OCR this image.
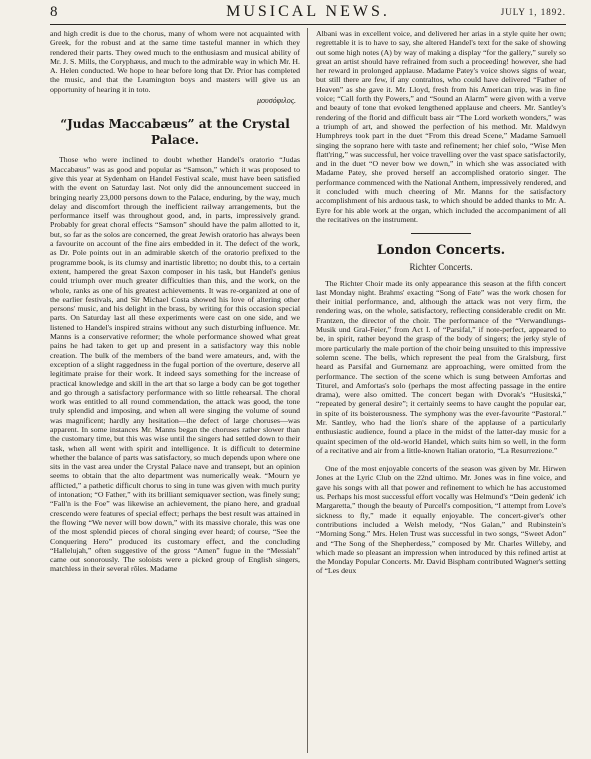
8	MUSICAL NEWS.	JULY 1, 1892.

and high credit is due to the chorus, many of whom were not acquainted with Greek, for the robust and at the same time tasteful manner in which they rendered their parts. They owed much to the enthusiasm and musical ability of Mr. J. S. Mills, the Coryphæus, and much to the admirable way in which Mr. H. A. Helen conducted. We hope to hear before long that Dr. Prior has completed the music, and that the Leamington boys and masters will give us an opportunity of hearing it in toto.

μουσόφιλος.
“Judas Maccabæus” at the Crystal
Palace.

Those who were inclined to doubt whether Handel's oratorio “Judas Maccabæus” was as good and popular as “Samson,” which it was proposed to give this year at Sydenham on Handel Festival scale, must have been satisfied with the event on Saturday last. Not only did the announcement succeed in bringing nearly 23,000 persons down to the Palace, enduring, by the way, much delay and discomfort through the inefficient railway arrangements, but the performance itself was throughout good, and, in parts, impressively grand. Probably for great choral effects “Samson” should have the palm allotted to it, but, so far as the solos are concerned, the great Jewish oratorio has always been a favourite on account of the fine airs embedded in it. The defect of the work, as Dr. Pole points out in an admirable sketch of the oratorio prefixed to the programme book, is its clumsy and inartistic libretto; no doubt this, to a certain extent, hampered the great Saxon composer in his task, but Handel's genius could triumph over much greater difficulties than this, and the work, on the whole, ranks as one of his greatest achievements. It was re-organized at one of the earlier festivals, and Sir Michael Costa showed his love of altering other persons' music, and his delight in the brass, by writing for this occasion special parts. On Saturday last all these experiments were cast on one side, and we listened to Handel's inspired strains without any such disturbing influence. Mr. Manns is a conservative reformer; the whole performance showed what great pains he had taken to get up and present in a satisfactory way this noble creation. The bulk of the members of the band were amateurs, and, with the exception of a slight raggedness in the fugal portion of the overture, deserve all legitimate praise for their work. It indeed says something for the increase of practical knowledge and skill in the art that so large a body can be got together and go through a satisfactory performance with so little rehearsal. The choral work was entitled to all round commendation, the attack was good, the tone truly splendid and imposing, and when all were singing the volume of sound was magnificent; hardly any hesitation—the defect of large choruses—was apparent. In some instances Mr. Manns began the choruses rather slower than the customary time, but this was wise until the singers had settled down to their task, when all went with spirit and intelligence. It is difficult to determine whether the balance of parts was satisfactory, so much depends upon where one sits in the vast area under the Crystal Palace nave and transept, but an opinion seems to obtain that the alto department was numerically weak. “Mourn ye afflicted,” a pathetic difficult chorus to sing in tune was given with much purity of intonation; “O Father,” with its brilliant semiquaver section, was finely sung; “Fall'n is the Foe” was likewise an achievement, the piano here, and gradual crescendo were features of special effect; perhaps the best result was attained in the flowing “We never will bow down,” with its massive chorale, this was one of the most splendid pieces of choral singing ever heard; of course, “See the Conquering Hero” produced its customary effect, and the concluding “Hallelujah,” often suggestive of the gross “Amen” fugue in the “Messiah” came out sonorously. The soloists were a picked group of English singers, matchless in their several rôles. Madame

Albani was in excellent voice, and delivered her arias in a style quite her own; regrettable it is to have to say, she altered Handel's text for the sake of showing out some high notes (A) by way of making a display “for the gallery,” surely so great an artist should have refrained from such a proceeding! however, she had her reward in prolonged applause. Madame Patey's voice shows signs of wear, but still there are few, if any contraltos, who could have delivered “Father of Heaven” as she gave it. Mr. Lloyd, fresh from his American trip, was in fine voice; “Call forth thy Powers,” and “Sound an Alarm” were given with a verve and beauty of tone that evoked lengthened applause and cheers. Mr. Santley's rendering of the florid and difficult bass air “The Lord worketh wonders,” was a triumph of art, and showed the perfection of his method. Mr. Maldwyn Humphreys took part in the duet “From this dread Scene,” Madame Samuell singing the soprano here with taste and refinement; her chief solo, “Wise Men flatt'ring,” was successful, her voice travelling over the vast space satisfactorily, and in the duet “O never bow we down,” in which she was associated with Madame Patey, she proved herself an accomplished oratorio singer. The performance commenced with the National Anthem, impressively rendered, and it concluded with much cheering of Mr. Manns for the satisfactory accomplishment of his arduous task, to which should be added thanks to Mr. A. Eyre for his able work at the organ, which included the accompaniment of all the recitatives on the instrument.

London Concerts.
Richter Concerts.

The Richter Choir made its only appearance this season at the fifth concert last Monday night. Brahms' exacting “Song of Fate” was the work chosen for their initial performance, and, although the attack was not very firm, the rendering was, on the whole, satisfactory, reflecting considerable credit on Mr. Frantzen, the director of the choir. The performance of the “Verwandlungs-Musik und Gral-Feier,” from Act I. of “Parsifal,” if note-perfect, appeared to be, in spirit, rather beyond the grasp of the body of singers; the jerky style of more particularly the male portion of the choir being unsuited to this impressive solemn scene. The bells, which represent the peal from the Gralsburg, first heard as Parsifal and Gurnemanz are approaching, were omitted from the performance. The section of the scene which is sung between Amfortas and Titurel, and Amfortas's solo (perhaps the most affecting passage in the entire drama), were also omitted. The concert began with Dvorak's “Husitská,” “repeated by general desire”; it certainly seems to have caught the popular ear, in spite of its boisterousness. The symphony was the ever-favourite “Pastoral.” Mr. Santley, who had the lion's share of the applause of a particularly enthusiastic audience, found a place in the midst of the latter-day music for a quaint specimen of the old-world Handel, which suits him so well, in the form of a recitative and air from a little-known Italian oratorio, “La Resurrezione.”

One of the most enjoyable concerts of the season was given by Mr. Hirwen Jones at the Lyric Club on the 22nd ultimo. Mr. Jones was in fine voice, and gave his songs with all that power and refinement to which he has accustomed us. Perhaps his most successful effort vocally was Helmund's “Dein gedenk' ich Margaretta,” though the beauty of Purcell's composition, “I attempt from Love's sickness to fly,” made it equally enjoyable. The concert-giver's other contributions included a Welsh melody, “Nos Galan,” and Rubinstein's “Morning Song.” Mrs. Helen Trust was successful in two songs, “Sweet Adon” and “The Song of the Shepherdess,” composed by Mr. Charles Willeby, and which made so pleasant an impression when introduced by this refined artist at the Monday Popular Concerts. Mr. David Bispham contributed Wagner's setting of “Les deux
